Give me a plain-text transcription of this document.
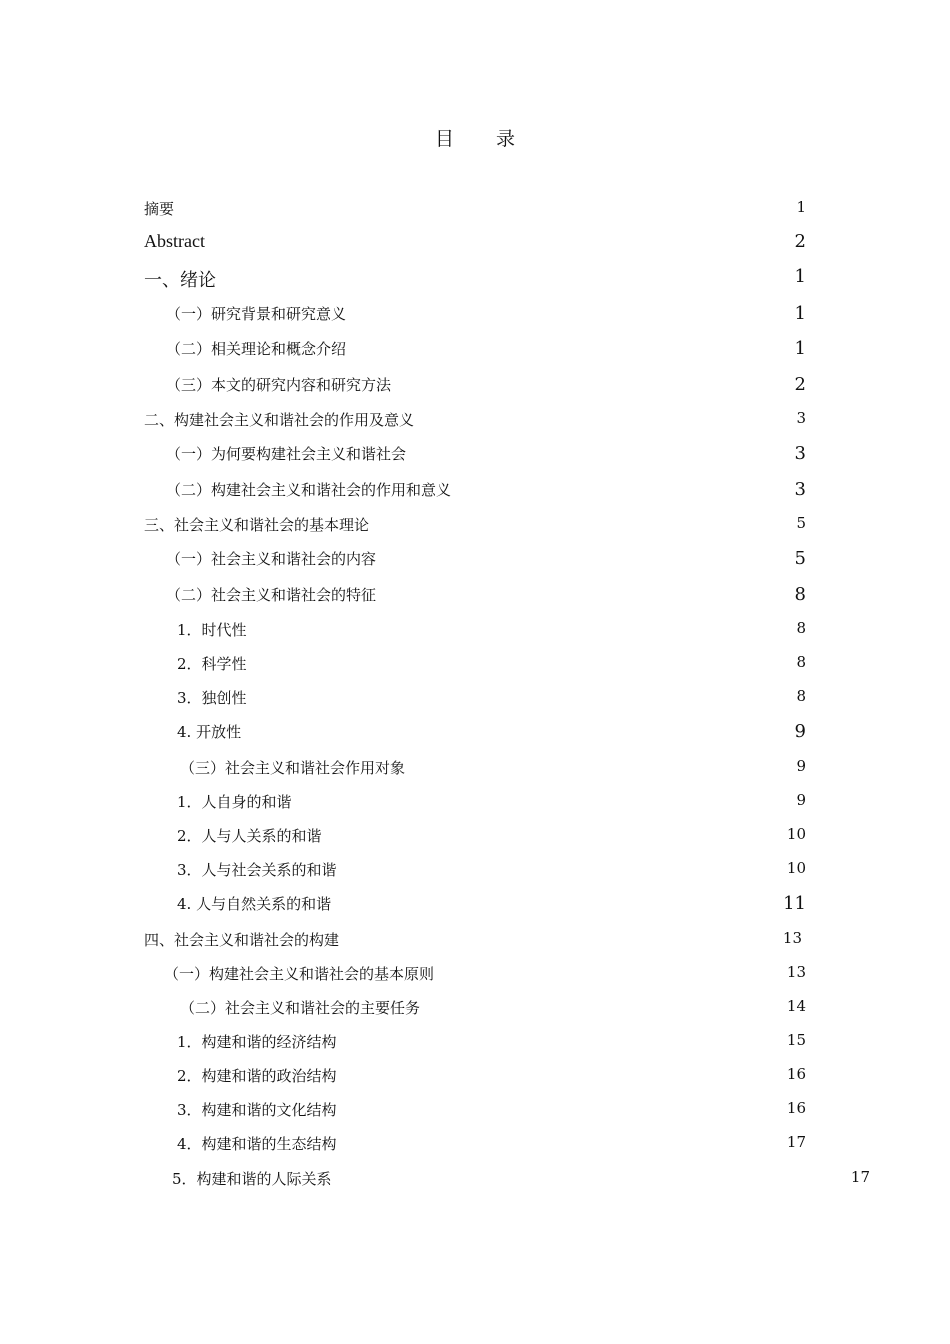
目 录
摘要	1
Abstract	2
一、绪论	1
（一）研究背景和研究意义	1
（二）相关理论和概念介绍	1
（三）本文的研究内容和研究方法	2
二、构建社会主义和谐社会的作用及意义	3
（一）为何要构建社会主义和谐社会	3
（二）构建社会主义和谐社会的作用和意义	3
三、社会主义和谐社会的基本理论	5
（一）社会主义和谐社会的内容	5
（二）社会主义和谐社会的特征	8
1．时代性	8
2．科学性	8
3．独创性	8
4. 开放性	9
（三）社会主义和谐社会作用对象	9
1．人自身的和谐	9
2．人与人关系的和谐	10
3．人与社会关系的和谐	10
4. 人与自然关系的和谐	11
四、社会主义和谐社会的构建	13
（一）构建社会主义和谐社会的基本原则	13
（二）社会主义和谐社会的主要任务	14
1．构建和谐的经济结构	15
2．构建和谐的政治结构	16
3．构建和谐的文化结构	16
4．构建和谐的生态结构	17
5．构建和谐的人际关系	17
